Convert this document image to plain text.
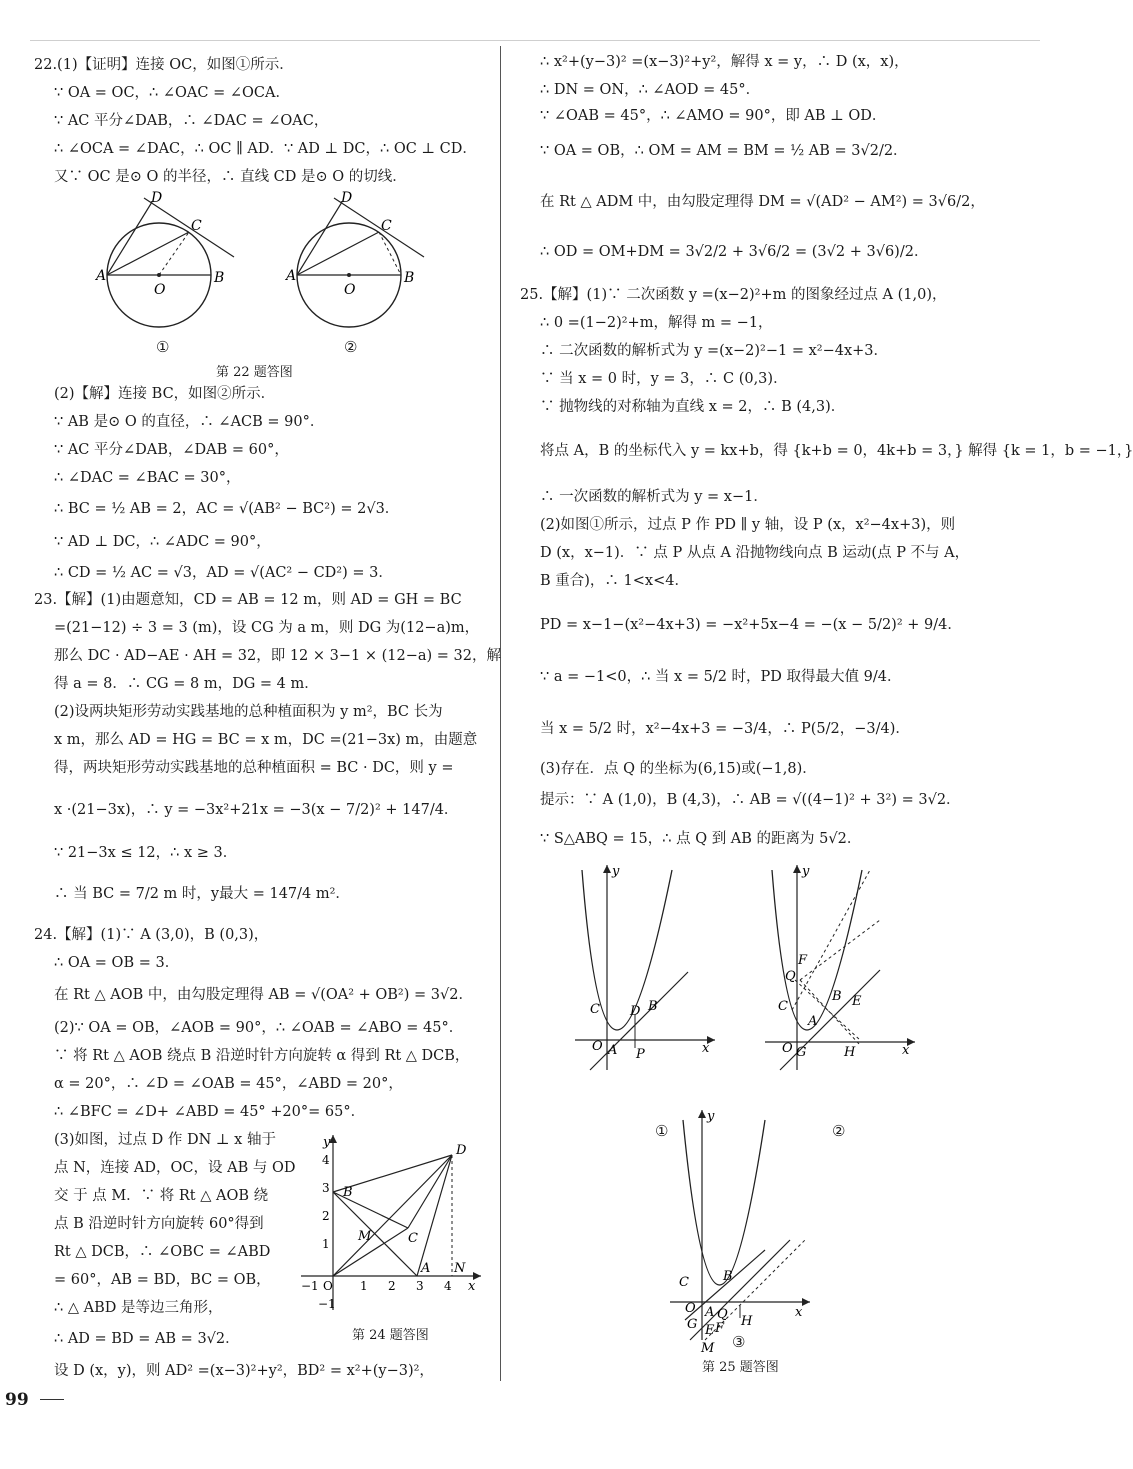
22.(1)【证明】连接 OC，如图①所示．
∵ OA = OC，∴ ∠OAC = ∠OCA．
∵ AC 平分∠DAB，∴ ∠DAC = ∠OAC，
∴ ∠OCA = ∠DAC，∴ OC ∥ AD．∵ AD ⊥ DC，∴ OC ⊥ CD．
又∵ OC 是⊙ O 的半径，∴ 直线 CD 是⊙ O 的切线．
A	B
O
C
D
A	B
O
C
D
①	②
第 22 题答图
(2)【解】连接 BC，如图②所示．
∵ AB 是⊙ O 的直径，∴ ∠ACB = 90°．
∵ AC 平分∠DAB，∠DAB = 60°，
∴ ∠DAC = ∠BAC = 30°，
∴ BC = ½ AB = 2，AC = √(AB² − BC²) = 2√3．
∵ AD ⊥ DC，∴ ∠ADC = 90°，
∴ CD = ½ AC = √3，AD = √(AC² − CD²) = 3．
23.【解】(1)由题意知，CD = AB = 12 m，则 AD = GH = BC
=(21−12) ÷ 3 = 3 (m)，设 CG 为 a m，则 DG 为(12−a)m，
那么 DC · AD−AE · AH = 32，即 12 × 3−1 × (12−a) = 32，解
得 a = 8．∴ CG = 8 m，DG = 4 m．
(2)设两块矩形劳动实践基地的总种植面积为 y m²，BC 长为
x m，那么 AD = HG = BC = x m，DC =(21−3x) m，由题意
得，两块矩形劳动实践基地的总种植面积 = BC · DC，则 y =
x ·(21−3x)，∴ y = −3x²+21x = −3(x − 7/2)² + 147/4．
∵ 21−3x ≤ 12，∴ x ≥ 3．
∴ 当 BC = 7/2 m 时，y最大 = 147/4 m²．
24.【解】(1)∵ A (3,0)，B (0,3)，
∴ OA = OB = 3．
在 Rt △ AOB 中，由勾股定理得 AB = √(OA² + OB²) = 3√2．
(2)∵ OA = OB，∠AOB = 90°，∴ ∠OAB = ∠ABO = 45°．
∵ 将 Rt △ AOB 绕点 B 沿逆时针方向旋转 α 得到 Rt △ DCB，
α = 20°，∴ ∠D = ∠OAB = 45°，∠ABD = 20°，
∴ ∠BFC = ∠D+ ∠ABD = 45° +20°= 65°．
(3)如图，过点 D 作 DN ⊥ x 轴于
点 N，连接 AD，OC，设 AB 与 OD
交 于 点 M．∵ 将 Rt △ AOB 绕
点 B 沿逆时针方向旋转 60°得到
Rt △ DCB，∴ ∠OBC = ∠ABD
= 60°，AB = BD，BC = OB，
∴ △ ABD 是等边三角形，
∴ AD = BD = AB = 3√2．
设 D (x，y)，则 AD² =(x−3)²+y²，BD² = x²+(y−3)²，
x
y
−1 O 1 2 3 4
1
2
3
4
−1
B
D
C
M
A N
第 24 题答图
∴ x²+(y−3)² =(x−3)²+y²，解得 x = y，∴ D (x，x)，
∴ DN = ON，∴ ∠AOD = 45°．
∵ ∠OAB = 45°，∴ ∠AMO = 90°，即 AB ⊥ OD．
∵ OA = OB，∴ OM = AM = BM = ½ AB = 3√2/2．
在 Rt △ ADM 中，由勾股定理得 DM = √(AD² − AM²) = 3√6/2，
∴ OD = OM+DM = 3√2/2 + 3√6/2 = (3√2 + 3√6)/2．
25.【解】(1)∵ 二次函数 y =(x−2)²+m 的图象经过点 A (1,0)，
∴ 0 =(1−2)²+m，解得 m = −1，
∴ 二次函数的解析式为 y =(x−2)²−1 = x²−4x+3．
∵ 当 x = 0 时，y = 3，∴ C (0,3)．
∵ 抛物线的对称轴为直线 x = 2，∴ B (4,3)．
将点 A，B 的坐标代入 y = kx+b，得 {k+b = 0，4k+b = 3，} 解得 {k = 1，b = −1，}
∴ 一次函数的解析式为 y = x−1．
(2)如图①所示，过点 P 作 PD ∥ y 轴，设 P (x，x²−4x+3)，则
D (x，x−1)．∵ 点 P 从点 A 沿抛物线向点 B 运动(点 P 不与 A，
B 重合)，∴ 1<x<4．
PD = x−1−(x²−4x+3) = −x²+5x−4 = −(x − 5/2)² + 9/4．
∵ a = −1<0，∴ 当 x = 5/2 时，PD 取得最大值 9/4．
当 x = 5/2 时，x²−4x+3 = −3/4，∴ P(5/2，−3/4)．
(3)存在．点 Q 的坐标为(6,15)或(−1,8)．
提示：∵ A (1,0)，B (4,3)，∴ AB = √((4−1)² + 3²) = 3√2．
∵ S△ABQ = 15，∴ 点 Q 到 AB 的距离为 5√2．
x
y
O A P
D B
C
x
y
O G	H
A
B E
C
Q
F
①	②
x
y
O
G
A
E F H
M
B
C
Q
③
第 25 题答图
99
